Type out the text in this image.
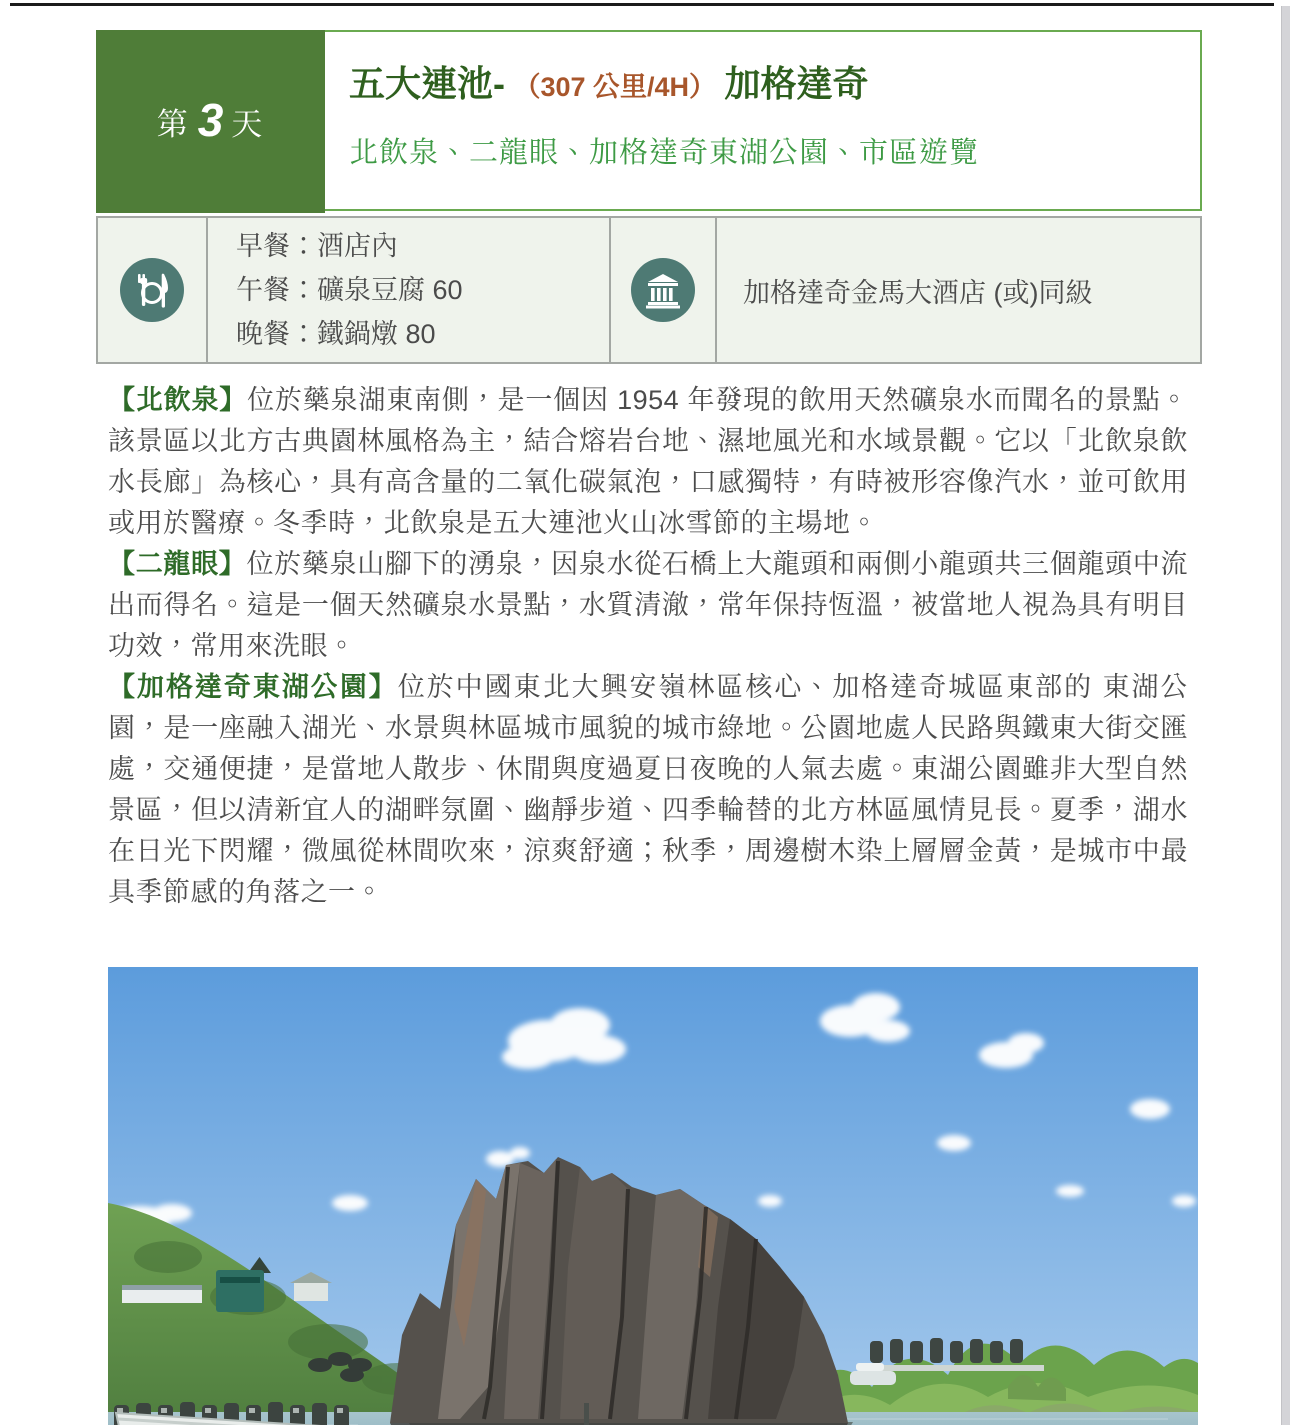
第 3 天
五大連池- （307 公里/4H） 加格達奇
北飲泉、二龍眼、加格達奇東湖公園、市區遊覽
早餐：酒店內
午餐：礦泉豆腐 60
晚餐：鐵鍋燉 80
加格達奇金馬大酒店 (或)同級

【北飲泉】位於藥泉湖東南側，是一個因 1954 年發現的飲用天然礦泉水而聞名的景點。該景區以北方古典園林風格為主，結合熔岩台地、濕地風光和水域景觀。它以「北飲泉飲水長廊」為核心，具有高含量的二氧化碳氣泡，口感獨特，有時被形容像汽水，並可飲用或用於醫療。冬季時，北飲泉是五大連池火山冰雪節的主場地。

【二龍眼】位於藥泉山腳下的湧泉，因泉水從石橋上大龍頭和兩側小龍頭共三個龍頭中流出而得名。這是一個天然礦泉水景點，水質清澈，常年保持恆溫，被當地人視為具有明目功效，常用來洗眼。

【加格達奇東湖公園】位於中國東北大興安嶺林區核心、加格達奇城區東部的 東湖公園，是一座融入湖光、水景與林區城市風貌的城市綠地。公園地處人民路與鐵東大街交匯處，交通便捷，是當地人散步、休閒與度過夏日夜晚的人氣去處。東湖公園雖非大型自然景區，但以清新宜人的湖畔氛圍、幽靜步道、四季輪替的北方林區風情見長。夏季，湖水在日光下閃耀，微風從林間吹來，涼爽舒適；秋季，周邊樹木染上層層金黃，是城市中最具季節感的角落之一。
